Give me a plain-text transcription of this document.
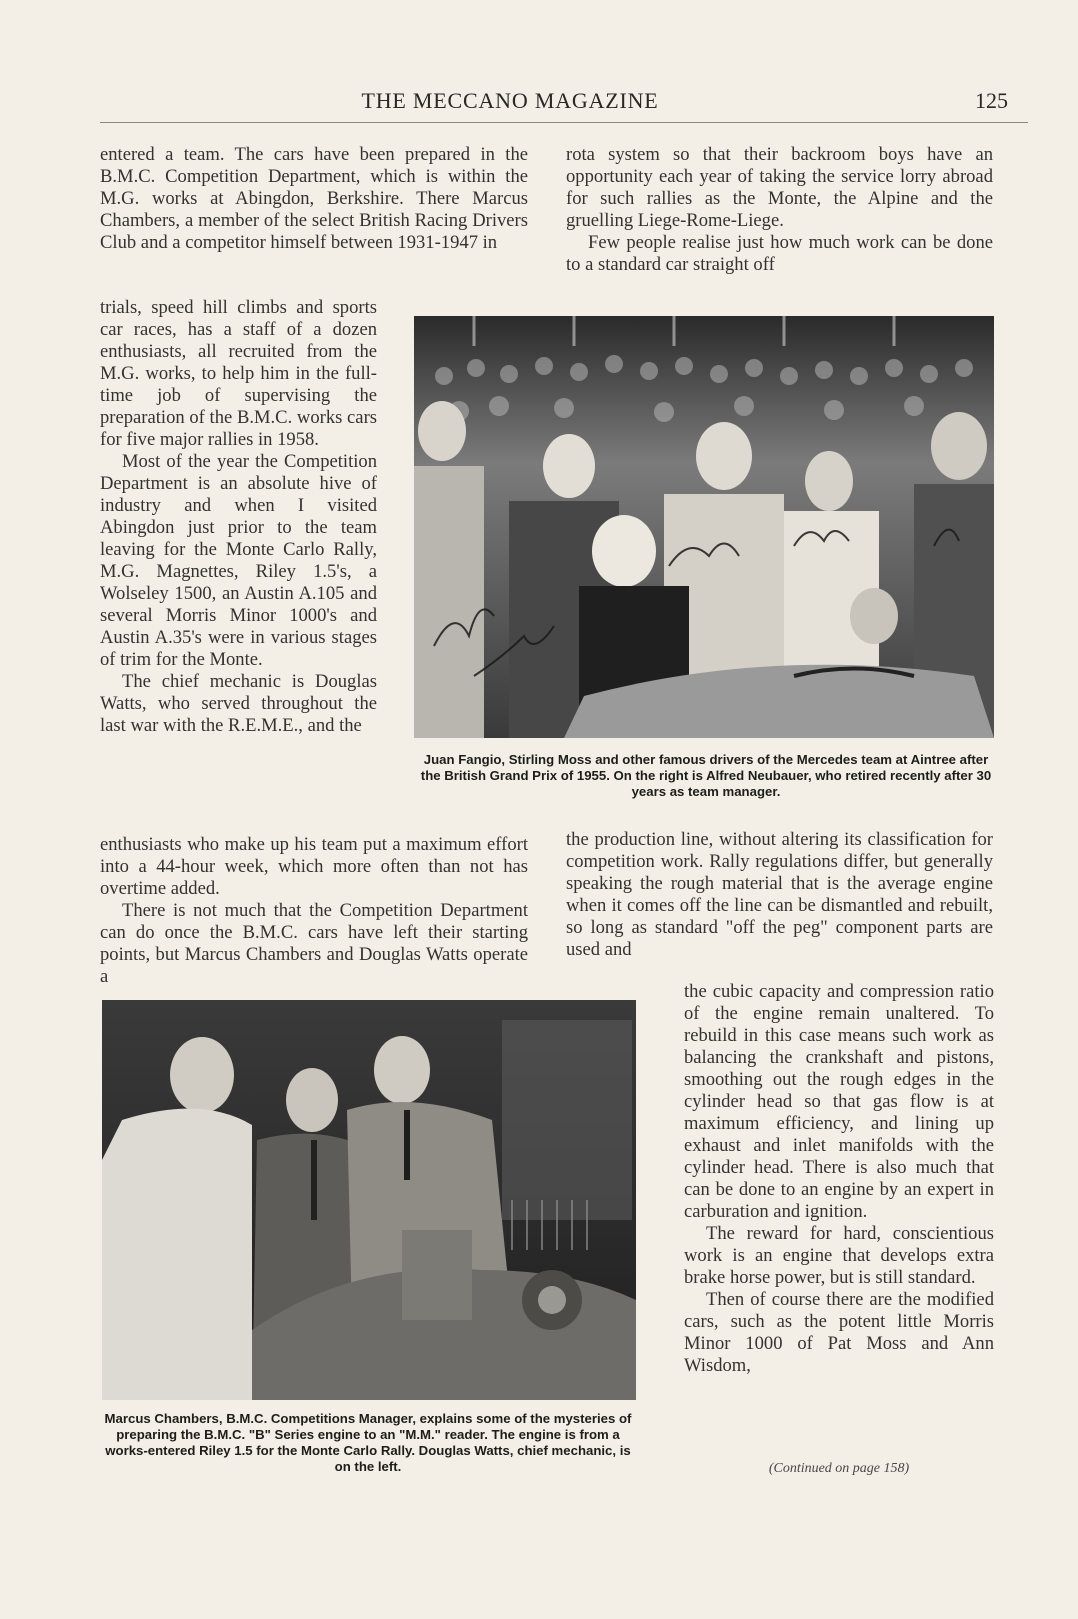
THE MECCANO MAGAZINE	125

entered a team. The cars have been prepared in the B.M.C. Competition Department, which is within the M.G. works at Abingdon, Berkshire. There Marcus Chambers, a member of the select British Racing Drivers Club and a competitor himself between 1931-1947 in

trials, speed hill climbs and sports car races, has a staff of a dozen enthusiasts, all recruited from the M.G. works, to help him in the full-time job of supervising the preparation of the B.M.C. works cars for five major rallies in 1958.

Most of the year the Competition Department is an absolute hive of industry and when I visited Abingdon just prior to the team leaving for the Monte Carlo Rally, M.G. Magnettes, Riley 1.5's, a Wolseley 1500, an Austin A.105 and several Morris Minor 1000's and Austin A.35's were in various stages of trim for the Monte.

The chief mechanic is Douglas Watts, who served throughout the last war with the R.E.M.E., and the

enthusiasts who make up his team put a maximum effort into a 44-hour week, which more often than not has overtime added.

There is not much that the Competition Department can do once the B.M.C. cars have left their starting points, but Marcus Chambers and Douglas Watts operate a

rota system so that their backroom boys have an opportunity each year of taking the service lorry abroad for such rallies as the Monte, the Alpine and the gruelling Liege-Rome-Liege.

Few people realise just how much work can be done to a standard car straight off

Juan Fangio, Stirling Moss and other famous drivers of the Mercedes team at Aintree after the British Grand Prix of 1955. On the right is Alfred Neubauer, who retired recently after 30 years as team manager.

the production line, without altering its classification for competition work. Rally regulations differ, but generally speaking the rough material that is the average engine when it comes off the line can be dismantled and rebuilt, so long as standard "off the peg" component parts are used and

Marcus Chambers, B.M.C. Competitions Manager, explains some of the mysteries of preparing the B.M.C. "B" Series engine to an "M.M." reader. The engine is from a works-entered Riley 1.5 for the Monte Carlo Rally. Douglas Watts, chief mechanic, is on the left.

the cubic capacity and compression ratio of the engine remain unaltered. To rebuild in this case means such work as balancing the crankshaft and pistons, smoothing out the rough edges in the cylinder head so that gas flow is at maximum efficiency, and lining up exhaust and inlet manifolds with the cylinder head. There is also much that can be done to an engine by an expert in carburation and ignition.

The reward for hard, conscientious work is an engine that develops extra brake horse power, but is still standard.

Then of course there are the modified cars, such as the potent little Morris Minor 1000 of Pat Moss and Ann Wisdom,

(Continued on page 158)
